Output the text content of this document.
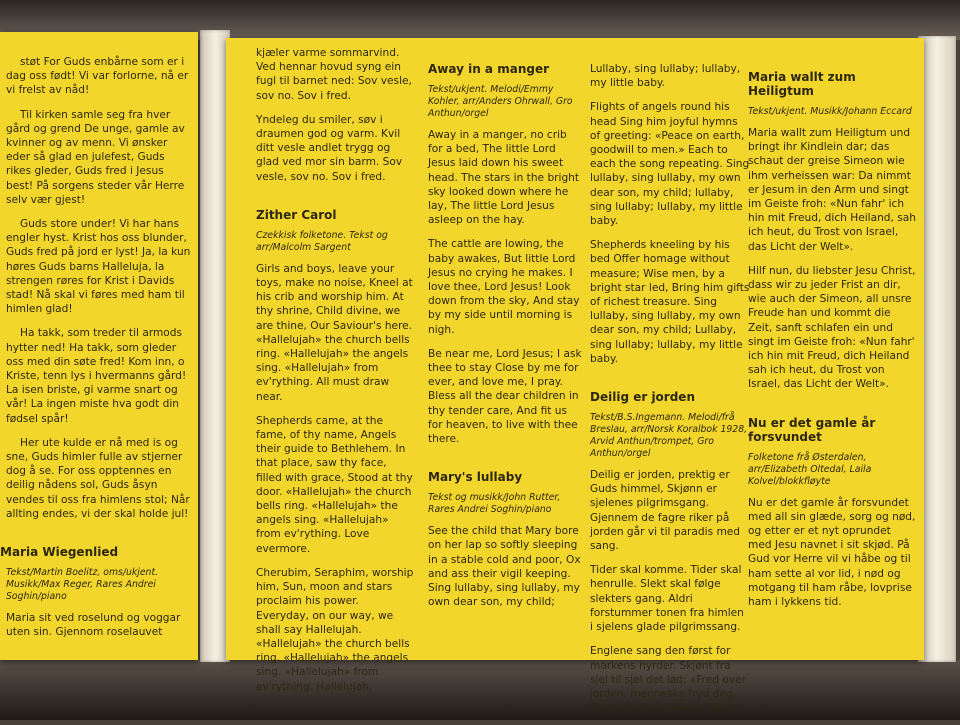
støt For Guds enbårne som er i dag oss født! Vi var forlorne, nå er vi frelst av nåd!

Til kirken samle seg fra hver gård og grend De unge, gamle av kvinner og av menn. Vi ønsker eder så glad en julefest, Guds rikes gleder, Guds fred i Jesus best! På sorgens steder vår Herre selv vær gjest!

Guds store under! Vi har hans engler hyst. Krist hos oss blunder, Guds fred på jord er lyst! Ja, la kun høres Guds barns Halleluja, la strengen røres for Krist i Davids stad! Nå skal vi føres med ham til himlen glad!

Ha takk, som treder til armods hytter ned! Ha takk, som gleder oss med din søte fred! Kom inn, o Kriste, tenn lys i hvermanns gård! La isen briste, gi varme snart og vår! La ingen miste hva godt din fødsel spår!

Her ute kulde er nå med is og sne, Guds himler fulle av stjerner dog å se. For oss opptennes en deilig nådens sol, Guds åsyn vendes til oss fra himlens stol; Når allting endes, vi der skal holde jul!

Maria Wiegenlied

Tekst/Martin Boelitz, oms/ukjent. Musikk/Max Reger, Rares Andrei Soghin/piano

Maria sit ved roselund og voggar uten sin. Gjennom roselauvet

kjæler varme sommarvind. Ved hennar hovud syng ein fugl til barnet ned: Sov vesle, sov no. Sov i fred.

Yndeleg du smiler, søv i draumen god og varm. Kvil ditt vesle andlet trygg og glad ved mor sin barm. Sov vesle, sov no. Sov i fred.

Zither Carol

Czekkisk folketone. Tekst og arr/Malcolm Sargent

Girls and boys, leave your toys, make no noise, Kneel at his crib and worship him. At thy shrine, Child divine, we are thine, Our Saviour's here. «Hallelujah» the church bells ring. «Hallelujah» the angels sing. «Hallelujah» from ev'rything. All must draw near.

Shepherds came, at the fame, of thy name, Angels their guide to Bethlehem. In that place, saw thy face, filled with grace, Stood at thy door. «Hallelujah» the church bells ring. «Hallelujah» the angels sing. «Hallelujah» from ev'rything. Love evermore.

Cherubim, Seraphim, worship him, Sun, moon and stars proclaim his power. Everyday, on our way, we shall say Hallelujah. «Hallelujah» the church bells ring. «Hallelujah» the angels sing. «Hallelujah» from ev'rything. Hallelujah.

Away in a manger

Tekst/ukjent. Melodi/Emmy Kohler, arr/Anders Ohrwall, Gro Anthun/orgel

Away in a manger, no crib for a bed, The little Lord Jesus laid down his sweet head. The stars in the bright sky looked down where he lay, The little Lord Jesus asleep on the hay.

The cattle are lowing, the baby awakes, But little Lord Jesus no crying he makes. I love thee, Lord Jesus! Look down from the sky, And stay by my side until morning is nigh.

Be near me, Lord Jesus; I ask thee to stay Close by me for ever, and love me, I pray. Bless all the dear children in thy tender care, And fit us for heaven, to live with thee there.

Mary's lullaby

Tekst og musikk/John Rutter, Rares Andrei Soghin/piano

See the child that Mary bore on her lap so softly sleeping in a stable cold and poor, Ox and ass their vigil keeping. Sing lullaby, sing lullaby, my own dear son, my child;

Lullaby, sing lullaby; lullaby, my little baby.

Flights of angels round his head Sing him joyful hymns of greeting: «Peace on earth, goodwill to men.» Each to each the song repeating. Sing lullaby, sing lullaby, my own dear son, my child; lullaby, sing lullaby; lullaby, my little baby.

Shepherds kneeling by his bed Offer homage without measure; Wise men, by a bright star led, Bring him gifts of richest treasure. Sing lullaby, sing lullaby, my own dear son, my child; Lullaby, sing lullaby; lullaby, my little baby.

Deilig er jorden

Tekst/B.S.Ingemann. Melodi/frå Breslau, arr/Norsk Koralbok 1928, Arvid Anthun/trompet, Gro Anthun/orgel

Deilig er jorden, prektig er Guds himmel, Skjønn er sjelenes pilgrimsgang. Gjennem de fagre riker på jorden går vi til paradis med sang.

Tider skal komme. Tider skal henrulle. Slekt skal følge slekters gang. Aldri forstummer tonen fra himlen i sjelens glade pilgrimssang.

Englene sang den først for markens hyrder. Skjønt fra sjel til sjel det lød: «Fred over jorden, menneske fryd deg. Oss er en evig Frelser født.»

Maria wallt zum Heiligtum

Tekst/ukjent. Musikk/Johann Eccard

Maria wallt zum Heiligtum und bringt ihr Kindlein dar; das schaut der greise Simeon wie ihm verheissen war: Da nimmt er Jesum in den Arm und singt im Geiste froh: «Nun fahr' ich hin mit Freud, dich Heiland, sah ich heut, du Trost von Israel, das Licht der Welt».

Hilf nun, du liebster Jesu Christ, dass wir zu jeder Frist an dir, wie auch der Simeon, all unsre Freude han und kommt die Zeit, sanft schlafen ein und singt im Geiste froh: «Nun fahr' ich hin mit Freud, dich Heiland sah ich heut, du Trost von Israel, das Licht der Welt».

Nu er det gamle år forsvundet

Folketone frå Østerdalen, arr/Elizabeth Oltedal, Laila Kolvel/blokkfløyte

Nu er det gamle år forsvundet med all sin glæde, sorg og nød, og etter er et nyt oprundet med Jesu navnet i sit skjød. På Gud vor Herre vil vi håbe og til ham sette al vor lid, i nød og motgang til ham råbe, lovprise ham i lykkens tid.
